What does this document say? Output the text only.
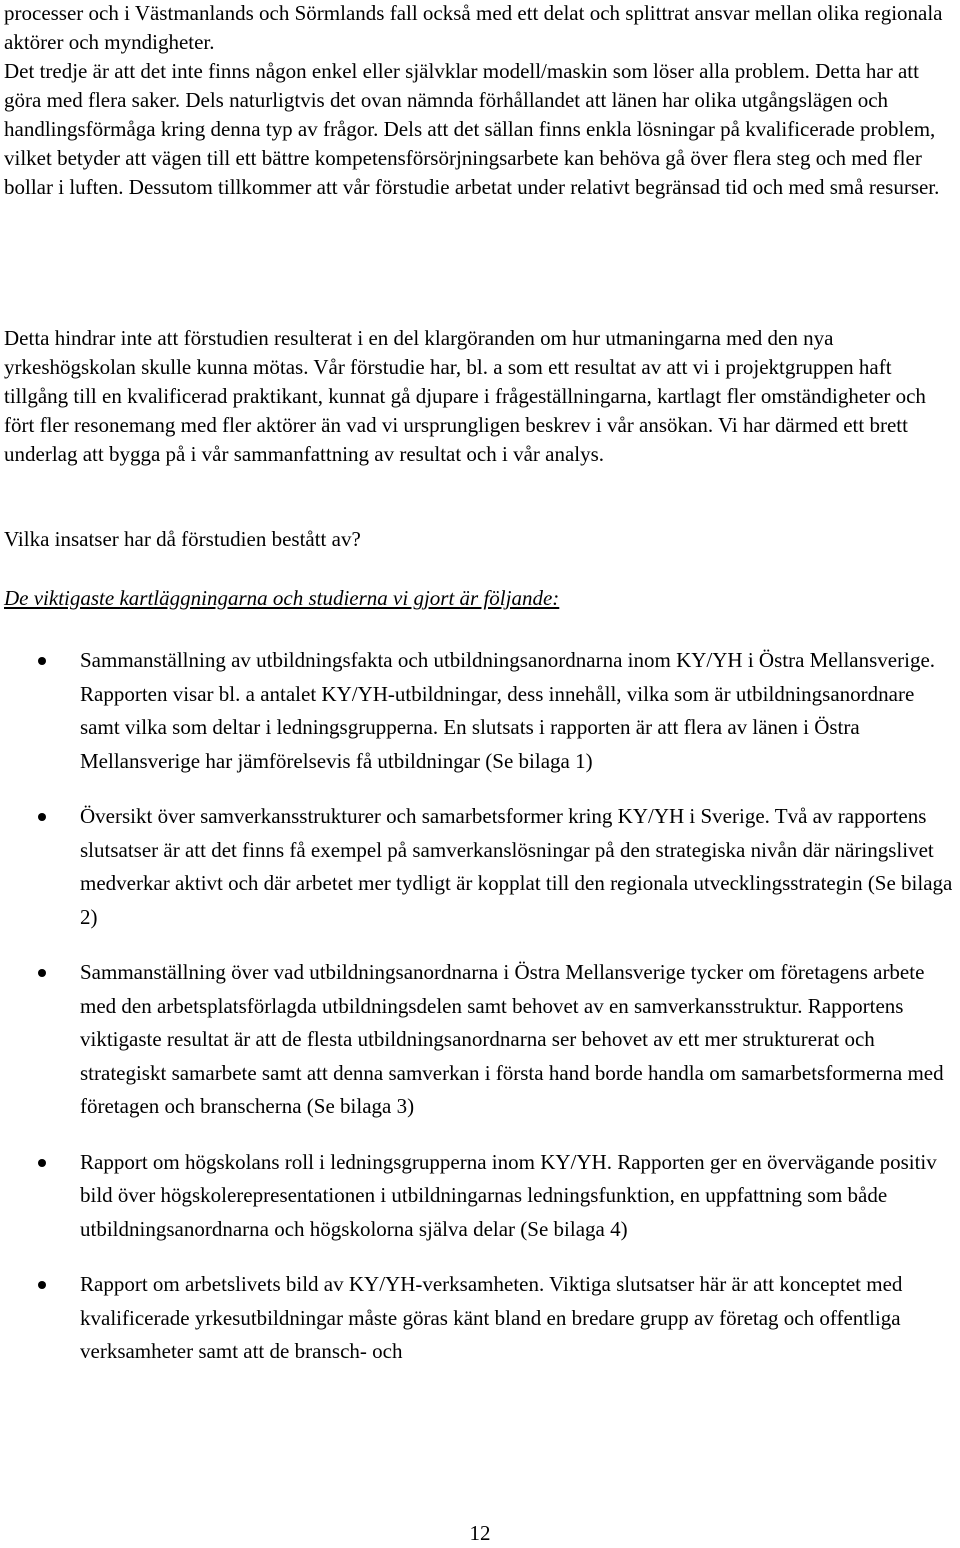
processer och i Västmanlands och Sörmlands fall också med ett delat och splittrat ansvar mellan olika regionala aktörer och myndigheter.

Det tredje är att det inte finns någon enkel eller självklar modell/maskin som löser alla problem. Detta har att göra med flera saker. Dels naturligtvis det ovan nämnda förhållandet att länen har olika utgångslägen och handlingsförmåga kring denna typ av frågor. Dels att det sällan finns enkla lösningar på kvalificerade problem, vilket betyder att vägen till ett bättre kompetensförsörjningsarbete kan behöva gå över flera steg och med fler bollar i luften. Dessutom tillkommer att vår förstudie arbetat under relativt begränsad tid och med små resurser.

Detta hindrar inte att förstudien resulterat i en del klargöranden om hur utmaningarna med den nya yrkeshögskolan skulle kunna mötas. Vår förstudie har, bl. a som ett resultat av att vi i projektgruppen haft tillgång till en kvalificerad praktikant, kunnat gå djupare i frågeställningarna, kartlagt fler omständigheter och fört fler resonemang med fler aktörer än vad vi ursprungligen beskrev i vår ansökan. Vi har därmed ett brett underlag att bygga på i vår sammanfattning av resultat och i vår analys.

Vilka insatser har då förstudien bestått av?

De viktigaste kartläggningarna och studierna vi gjort är följande:

Sammanställning av utbildningsfakta och utbildningsanordnarna inom KY/YH i Östra Mellansverige. Rapporten visar bl. a antalet KY/YH-utbildningar, dess innehåll, vilka som är utbildningsanordnare samt vilka som deltar i ledningsgrupperna. En slutsats i rapporten är att flera av länen i Östra Mellansverige har jämförelsevis få utbildningar (Se bilaga 1)
Översikt över samverkansstrukturer och samarbetsformer kring KY/YH i Sverige. Två av rapportens slutsatser är att det finns få exempel på samverkanslösningar på den strategiska nivån där näringslivet medverkar aktivt och där arbetet mer tydligt är kopplat till den regionala utvecklingsstrategin (Se bilaga 2)
Sammanställning över vad utbildningsanordnarna i Östra Mellansverige tycker om företagens arbete med den arbetsplatsförlagda utbildningsdelen samt behovet av en samverkansstruktur. Rapportens viktigaste resultat är att de flesta utbildningsanordnarna ser behovet av ett mer strukturerat och strategiskt samarbete samt att denna samverkan i första hand borde handla om samarbetsformerna med företagen och branscherna (Se bilaga 3)
Rapport om högskolans roll i ledningsgrupperna inom KY/YH. Rapporten ger en övervägande positiv bild över högskolerepresentationen i utbildningarnas ledningsfunktion, en uppfattning som både utbildningsanordnarna och högskolorna själva delar (Se bilaga 4)
Rapport om arbetslivets bild av KY/YH-verksamheten. Viktiga slutsatser här är att konceptet med kvalificerade yrkesutbildningar måste göras känt bland en bredare grupp av företag och offentliga verksamheter samt att de bransch- och
12
